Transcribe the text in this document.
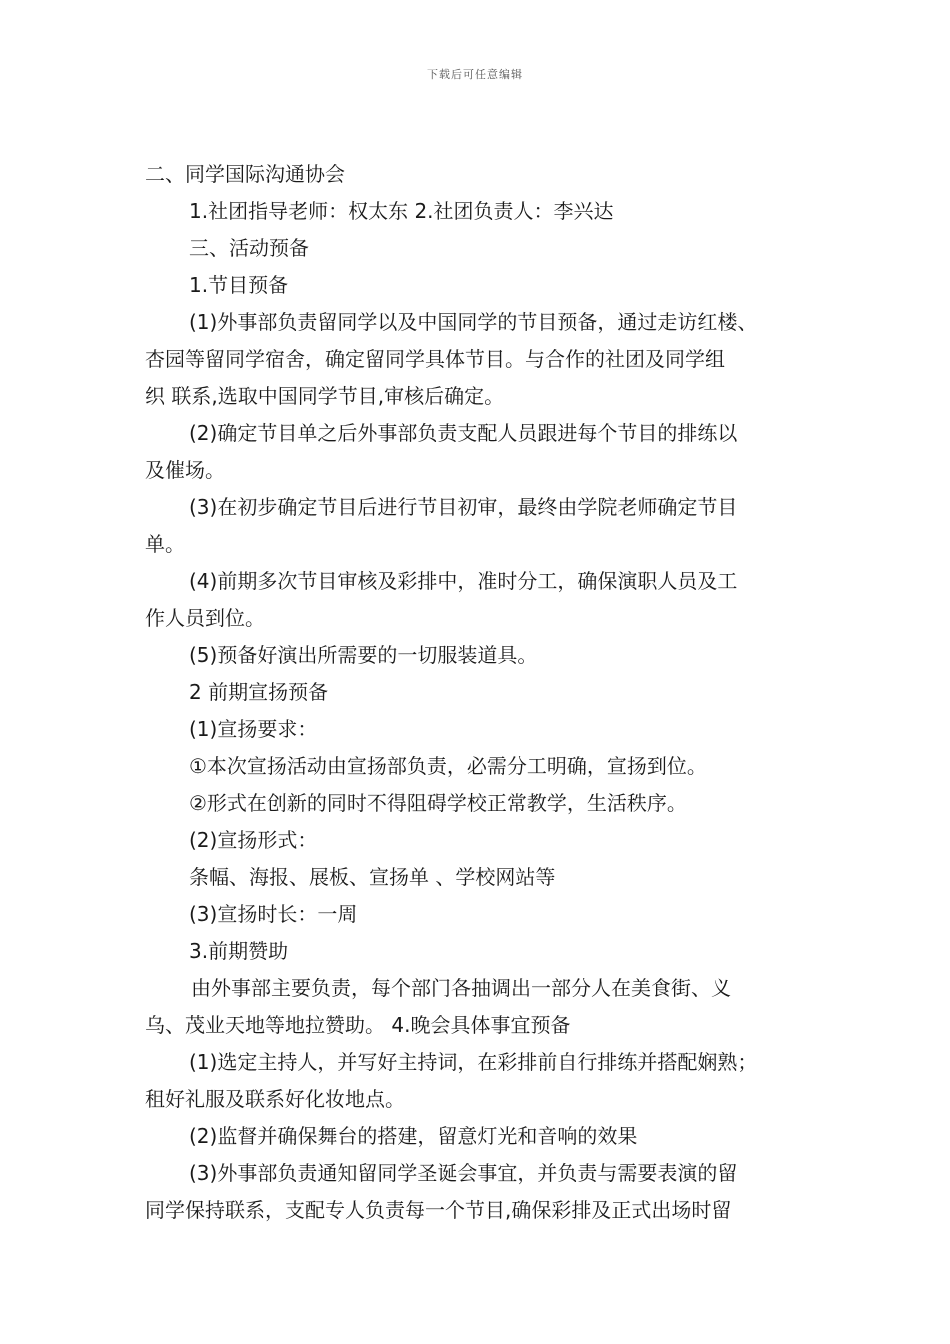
下载后可任意编辑

二、同学国际沟通协会

1.社团指导老师：权太东 2.社团负责人：李兴达

三、活动预备

1.节目预备

(1)外事部负责留同学以及中国同学的节目预备，通过走访红楼、

杏园等留同学宿舍，确定留同学具体节目。与合作的社团及同学组

织 联系,选取中国同学节目,审核后确定。

(2)确定节目单之后外事部负责支配人员跟进每个节目的排练以

及催场。

(3)在初步确定节目后进行节目初审，最终由学院老师确定节目

单。

(4)前期多次节目审核及彩排中，准时分工，确保演职人员及工

作人员到位。

(5)预备好演出所需要的一切服装道具。

2 前期宣扬预备

(1)宣扬要求：

①本次宣扬活动由宣扬部负责，必需分工明确，宣扬到位。

②形式在创新的同时不得阻碍学校正常教学，生活秩序。

(2)宣扬形式：

条幅、海报、展板、宣扬单 、学校网站等

(3)宣扬时长：一周

3.前期赞助

由外事部主要负责，每个部门各抽调出一部分人在美食街、义

乌、茂业天地等地拉赞助。 4.晚会具体事宜预备

(1)选定主持人，并写好主持词，在彩排前自行排练并搭配娴熟；

租好礼服及联系好化妆地点。

(2)监督并确保舞台的搭建，留意灯光和音响的效果

(3)外事部负责通知留同学圣诞会事宜，并负责与需要表演的留

同学保持联系，支配专人负责每一个节目,确保彩排及正式出场时留
